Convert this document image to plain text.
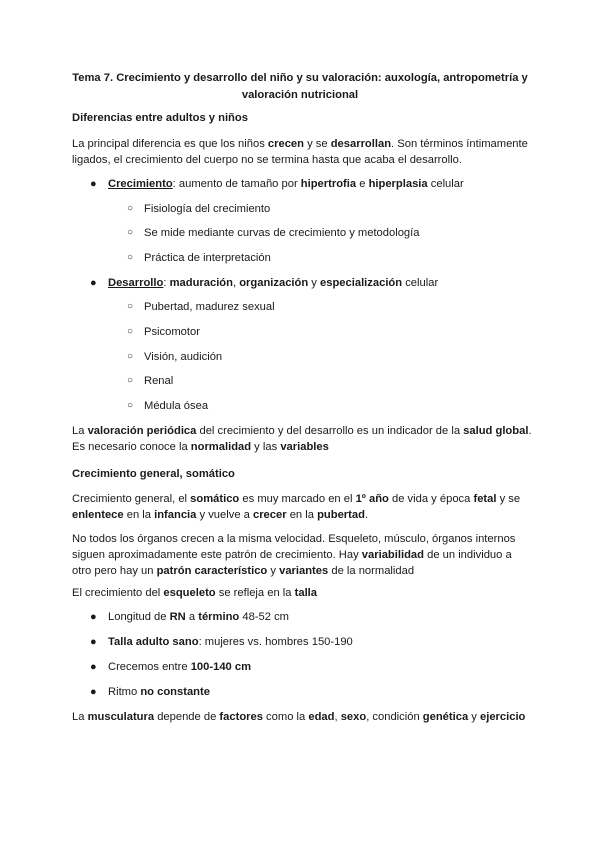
Tema 7. Crecimiento y desarrollo del niño y su valoración: auxología, antropometría y valoración nutricional
Diferencias entre adultos y niños
La principal diferencia es que los niños crecen y se desarrollan. Son términos íntimamente ligados, el crecimiento del cuerpo no se termina hasta que acaba el desarrollo.
● Crecimiento: aumento de tamaño por hipertrofia e hiperplasia celular
○ Fisiología del crecimiento
○ Se mide mediante curvas de crecimiento y metodología
○ Práctica de interpretación
● Desarrollo: maduración, organización y especialización celular
○ Pubertad, madurez sexual
○ Psicomotor
○ Visión, audición
○ Renal
○ Médula ósea
La valoración periódica del crecimiento y del desarrollo es un indicador de la salud global. Es necesario conoce la normalidad y las variables
Crecimiento general, somático
Crecimiento general, el somático es muy marcado en el 1º año de vida y época fetal y se enlentece en la infancia y vuelve a crecer en la pubertad.
No todos los órganos crecen a la misma velocidad. Esqueleto, músculo, órganos internos siguen aproximadamente este patrón de crecimiento. Hay variabilidad de un individuo a otro pero hay un patrón característico y variantes de la normalidad
El crecimiento del esqueleto se refleja en la talla
● Longitud de RN a término 48-52 cm
● Talla adulto sano: mujeres vs. hombres 150-190
● Crecemos entre 100-140 cm
● Ritmo no constante
La musculatura depende de factores como la edad, sexo, condición genética y ejercicio
